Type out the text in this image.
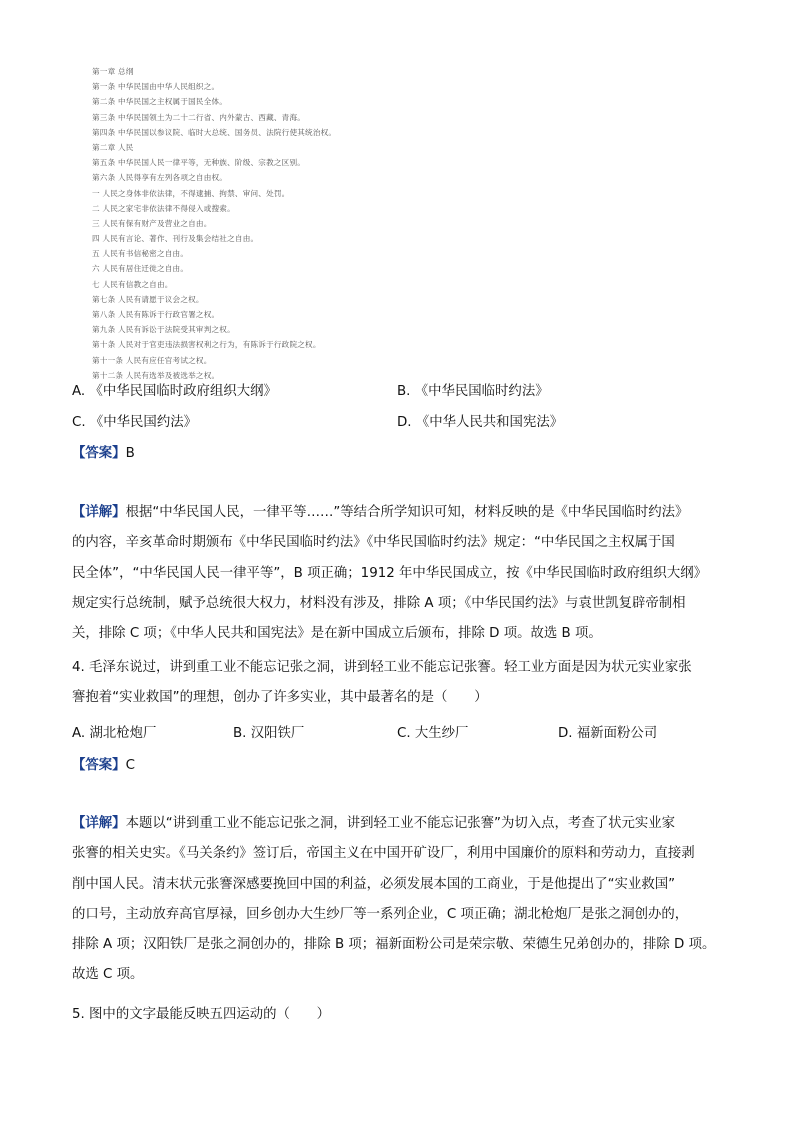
第一章 总纲
第一条 中华民国由中华人民组织之。
第二条 中华民国之主权属于国民全体。
第三条 中华民国领土为二十二行省、内外蒙古、西藏、青海。
第四条 中华民国以参议院、临时大总统、国务员、法院行使其统治权。
第二章 人民
第五条 中华民国人民一律平等，无种族、阶级、宗教之区别。
第六条 人民得享有左列各项之自由权。
一 人民之身体非依法律，不得逮捕、拘禁、审问、处罚。
二 人民之家宅非依法律不得侵入或搜索。
三 人民有保有财产及营业之自由。
四 人民有言论、著作、刊行及集会结社之自由。
五 人民有书信秘密之自由。
六 人民有居住迁徙之自由。
七 人民有信教之自由。
第七条 人民有请愿于议会之权。
第八条 人民有陈诉于行政官署之权。
第九条 人民有诉讼于法院受其审判之权。
第十条 人民对于官吏违法损害权利之行为，有陈诉于行政院之权。
第十一条 人民有应任官考试之权。
第十二条 人民有选举及被选举之权。
A. 《中华民国临时政府组织大纲》	B. 《中华民国临时约法》
C. 《中华民国约法》	D. 《中华人民共和国宪法》
【答案】B
【详解】根据“中华民国人民，一律平等……”等结合所学知识可知，材料反映的是《中华民国临时约法》
的内容，辛亥革命时期颁布《中华民国临时约法》《中华民国临时约法》规定：“中华民国之主权属于国
民全体”，“中华民国人民一律平等”，B 项正确；1912 年中华民国成立，按《中华民国临时政府组织大纲》
规定实行总统制，赋予总统很大权力，材料没有涉及，排除 A 项；《中华民国约法》与袁世凯复辟帝制相
关，排除 C 项；《中华人民共和国宪法》是在新中国成立后颁布，排除 D 项。故选 B 项。
4. 毛泽东说过，讲到重工业不能忘记张之洞，讲到轻工业不能忘记张謇。轻工业方面是因为状元实业家张
謇抱着“实业救国”的理想，创办了许多实业，其中最著名的是（　　）
A. 湖北枪炮厂	B. 汉阳铁厂	C. 大生纱厂	D. 福新面粉公司
【答案】C
【详解】本题以“讲到重工业不能忘记张之洞，讲到轻工业不能忘记张謇”为切入点，考查了状元实业家
张謇的相关史实。《马关条约》签订后，帝国主义在中国开矿设厂，利用中国廉价的原料和劳动力，直接剥
削中国人民。清末状元张謇深感要挽回中国的利益，必须发展本国的工商业，于是他提出了“实业救国”
的口号，主动放弃高官厚禄，回乡创办大生纱厂等一系列企业，C 项正确；湖北枪炮厂是张之洞创办的，
排除 A 项；汉阳铁厂是张之洞创办的，排除 B 项；福新面粉公司是荣宗敬、荣德生兄弟创办的，排除 D 项。
故选 C 项。
5. 图中的文字最能反映五四运动的（　　）
